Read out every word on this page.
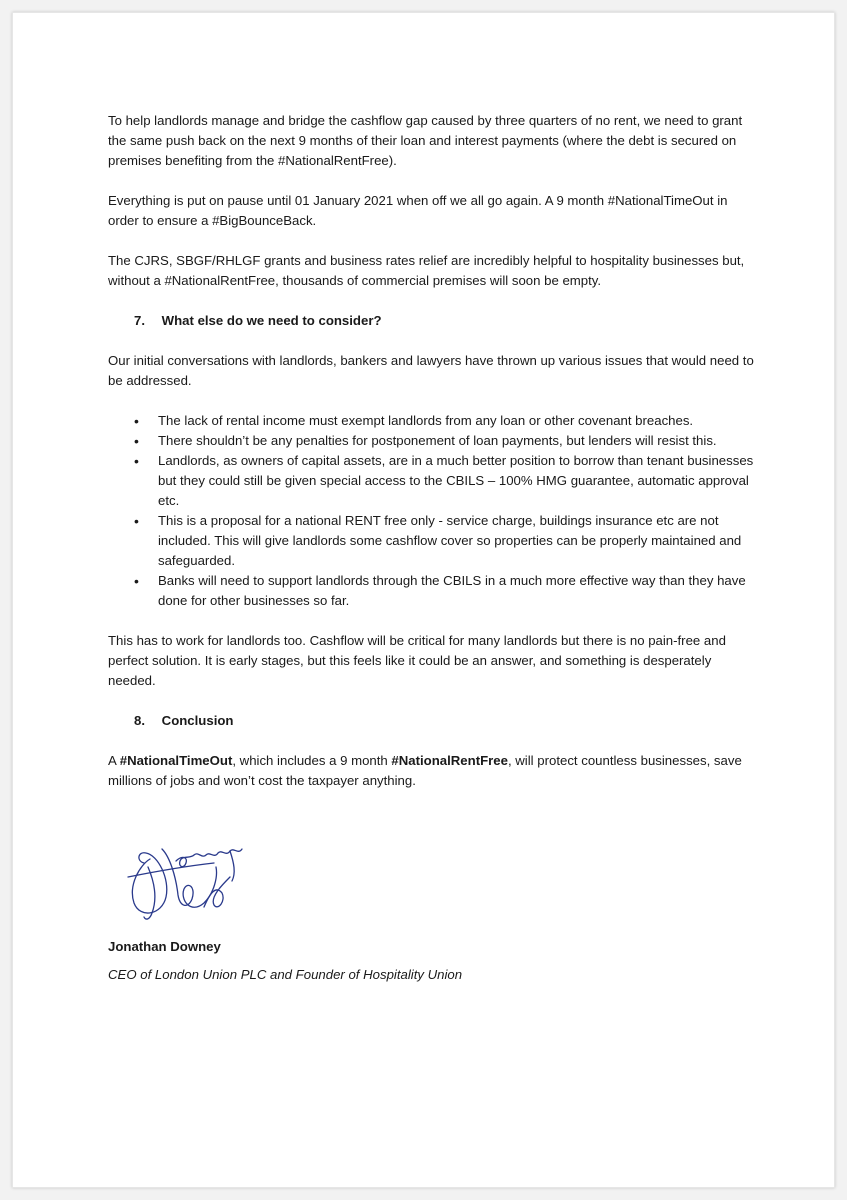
To help landlords manage and bridge the cashflow gap caused by three quarters of no rent, we need to grant the same push back on the next 9 months of their loan and interest payments (where the debt is secured on premises benefiting from the #NationalRentFree).

Everything is put on pause until 01 January 2021 when off we all go again. A 9 month #NationalTimeOut in order to ensure a #BigBounceBack.

The CJRS, SBGF/RHLGF grants and business rates relief are incredibly helpful to hospitality businesses but, without a #NationalRentFree, thousands of commercial premises will soon be empty.

7. What else do we need to consider?

Our initial conversations with landlords, bankers and lawyers have thrown up various issues that would need to be addressed.

• The lack of rental income must exempt landlords from any loan or other covenant breaches.
• There shouldn’t be any penalties for postponement of loan payments, but lenders will resist this.
• Landlords, as owners of capital assets, are in a much better position to borrow than tenant businesses but they could still be given special access to the CBILS – 100% HMG guarantee, automatic approval etc.
• This is a proposal for a national RENT free only - service charge, buildings insurance etc are not included. This will give landlords some cashflow cover so properties can be properly maintained and safeguarded.
• Banks will need to support landlords through the CBILS in a much more effective way than they have done for other businesses so far.

This has to work for landlords too. Cashflow will be critical for many landlords but there is no pain-free and perfect solution. It is early stages, but this feels like it could be an answer, and something is desperately needed.

8. Conclusion

A #NationalTimeOut, which includes a 9 month #NationalRentFree, will protect countless businesses, save millions of jobs and won’t cost the taxpayer anything.

Jonathan Downey

CEO of London Union PLC and Founder of Hospitality Union
